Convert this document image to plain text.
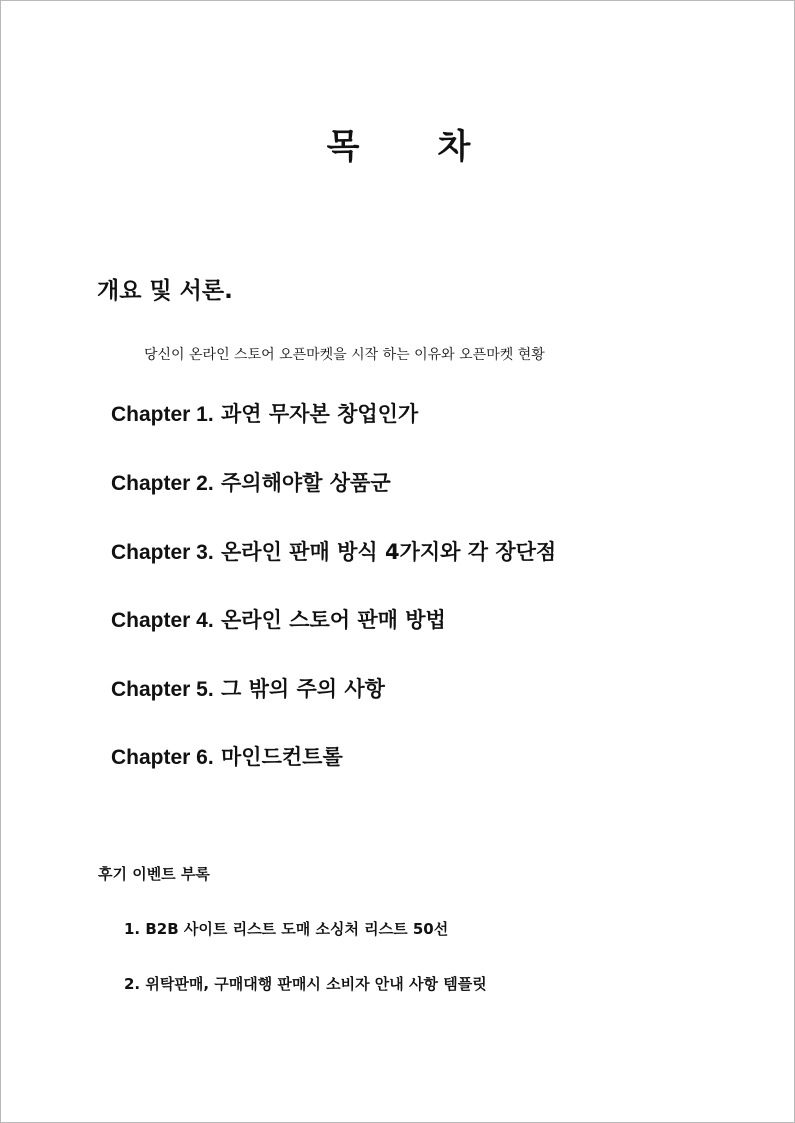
목 차
개요 및 서론.
당신이 온라인 스토어 오픈마켓을 시작 하는 이유와 오픈마켓 현황
Chapter 1. 과연 무자본 창업인가
Chapter 2. 주의해야할 상품군
Chapter 3. 온라인 판매 방식 4가지와 각 장단점
Chapter 4. 온라인 스토어 판매 방법
Chapter 5. 그 밖의 주의 사항
Chapter 6. 마인드컨트롤
후기 이벤트 부록
1. B2B 사이트 리스트 도매 소싱처 리스트 50선
2. 위탁판매, 구매대행 판매시 소비자 안내 사항 템플릿
